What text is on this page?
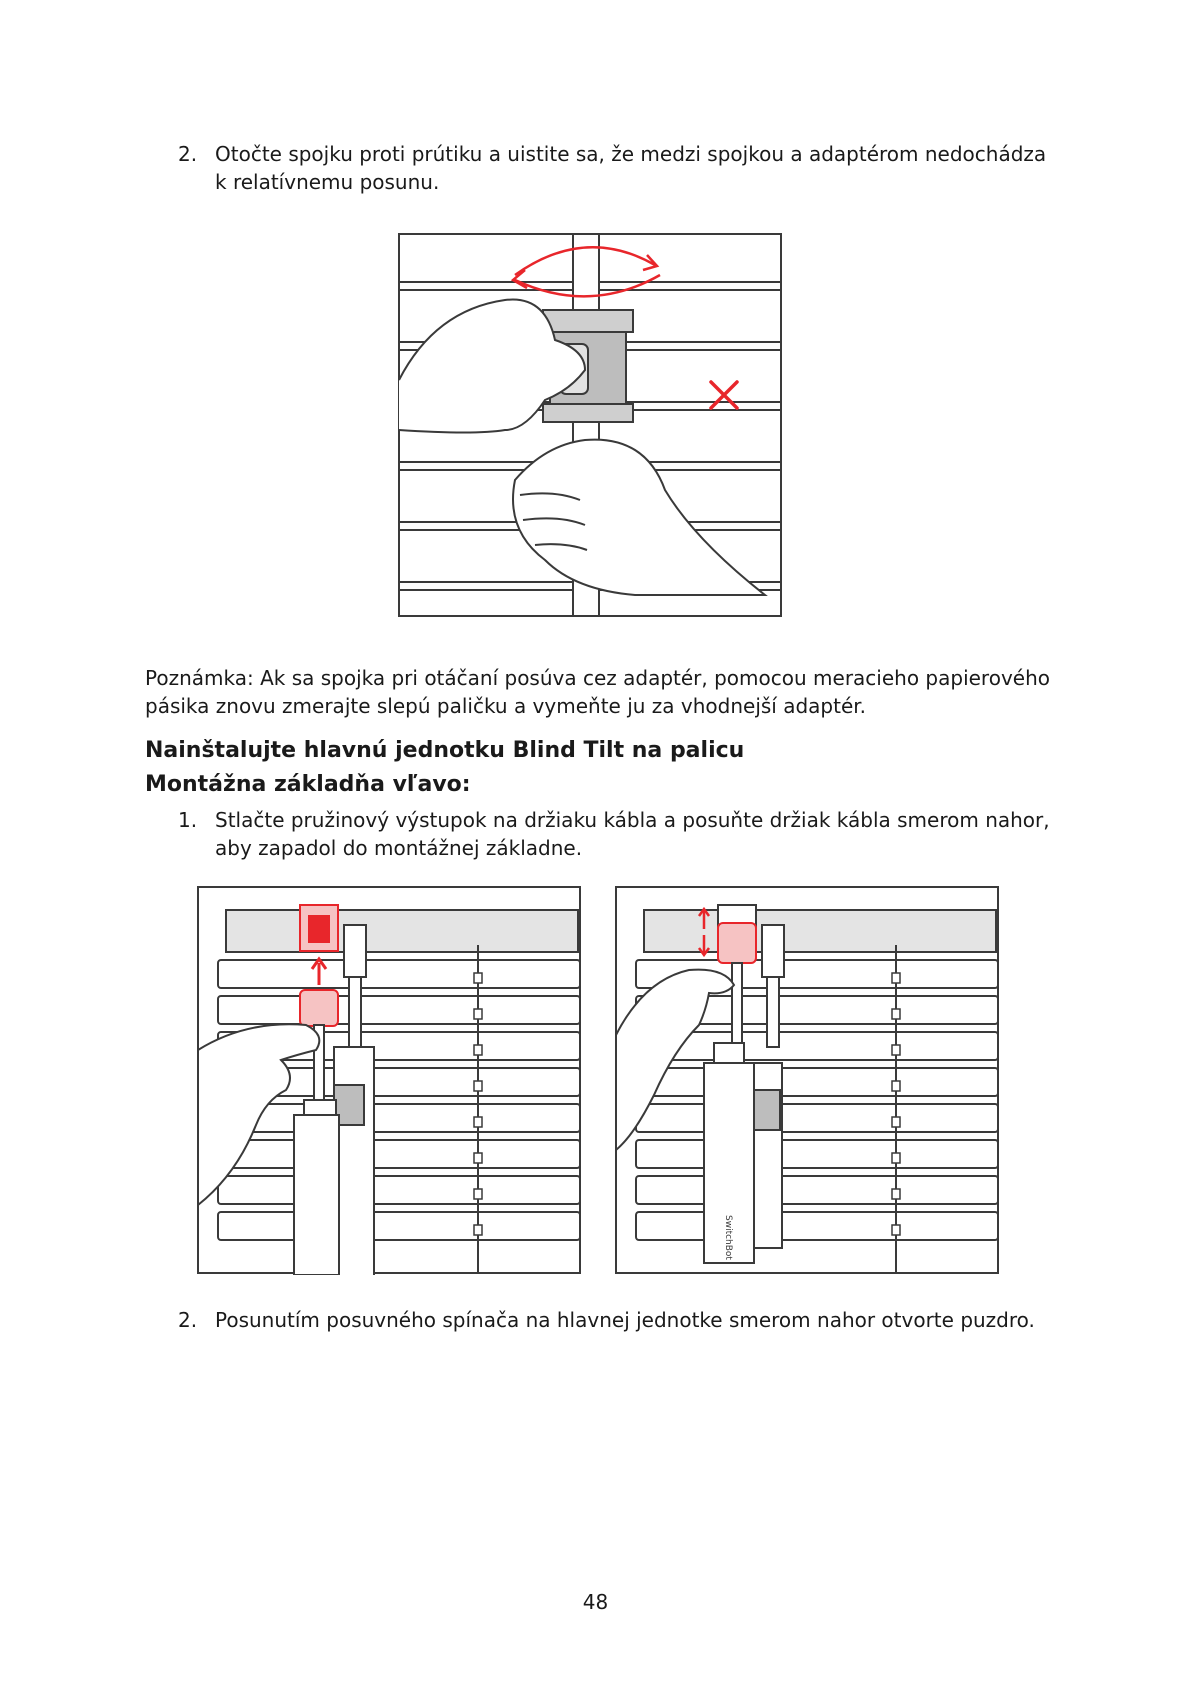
2. Otočte spojku proti prútiku a uistite sa, že medzi spojkou a adaptérom nedochádza

k relatívnemu posunu.

Poznámka: Ak sa spojka pri otáčaní posúva cez adaptér, pomocou meracieho papierového

pásika znovu zmerajte slepú paličku a vymeňte ju za vhodnejší adaptér.

Nainštalujte hlavnú jednotku Blind Tilt na palicu
Montážna základňa vľavo:
1. Stlačte pružinový výstupok na držiaku kábla a posuňte držiak kábla smerom nahor,

aby zapadol do montážnej základne.

SwitchBot
2. Posunutím posuvného spínača na hlavnej jednotke smerom nahor otvorte puzdro.

48
